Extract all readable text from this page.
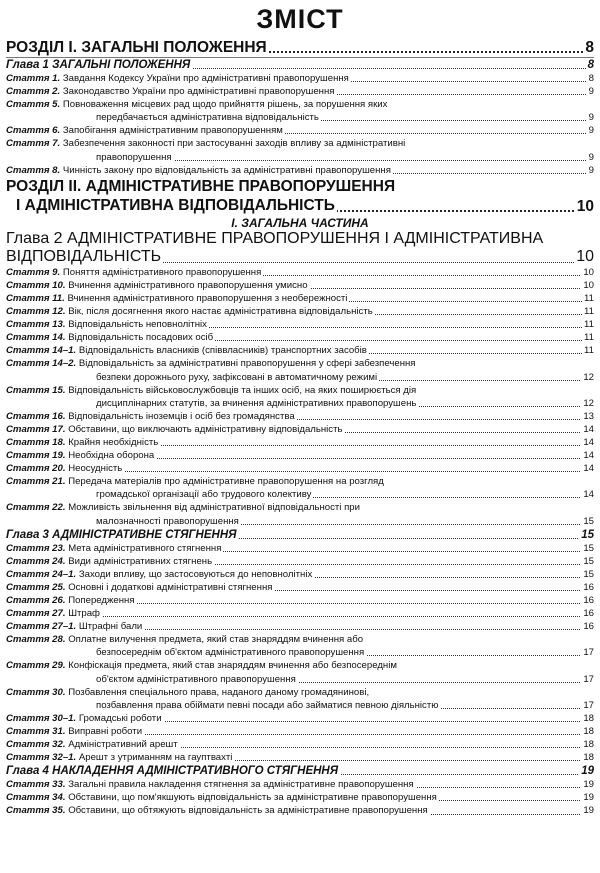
ЗМІСТ
РОЗДІЛ І. ЗАГАЛЬНІ ПОЛОЖЕННЯ	8
Глава 1 ЗАГАЛЬНІ ПОЛОЖЕННЯ	8
Стаття 1. Завдання Кодексу України про адміністративні правопорушення	8
Стаття 2. Законодавство України про адміністративні правопорушення	9
Стаття 5. Повноваження місцевих рад щодо прийняття рішень, за порушення яких
передбачається адміністративна відповідальність	9
Стаття 6. Запобігання адміністративним правопорушенням	9
Стаття 7. Забезпечення законності при застосуванні заходів впливу за адміністративні
правопорушення	9
Стаття 8. Чинність закону про відповідальність за адміністративні правопорушення	9
РОЗДІЛ ІІ. АДМІНІСТРАТИВНЕ ПРАВОПОРУШЕННЯ
І АДМІНІСТРАТИВНА ВІДПОВІДАЛЬНІСТЬ	10
І. ЗАГАЛЬНА ЧАСТИНА
Глава 2 АДМІНІСТРАТИВНЕ ПРАВОПОРУШЕННЯ І АДМІНІСТРАТИВНА
ВІДПОВІДАЛЬНІСТЬ	10
Стаття 9. Поняття адміністративного правопорушення	10
Стаття 10. Вчинення адміністративного правопорушення умисно	10
Стаття 11. Вчинення адміністративного правопорушення з необережності	11
Стаття 12. Вік, після досягнення якого настає адміністративна відповідальність	11
Стаття 13. Відповідальність неповнолітніх	11
Стаття 14. Відповідальність посадових осіб	11
Стаття 14–1. Відповідальність власників (співвласників) транспортних засобів	11
Стаття 14–2. Відповідальність за адміністративні правопорушення у сфері забезпечення
безпеки дорожнього руху, зафіксовані в автоматичному режимі	12
Стаття 15. Відповідальність військовослужбовців та інших осіб, на яких поширюється дія
дисциплінарних статутів, за вчинення адміністративних правопорушень	12
Стаття 16. Відповідальність іноземців і осіб без громадянства	13
Стаття 17. Обставини, що виключають адміністративну відповідальність	14
Стаття 18. Крайня необхідність	14
Стаття 19. Необхідна оборона	14
Стаття 20. Неосудність	14
Стаття 21. Передача матеріалів про адміністративне правопорушення на розгляд
громадської організації або трудового колективу	14
Стаття 22. Можливість звільнення від адміністративної відповідальності при
малозначності правопорушення	15
Глава 3 АДМІНІСТРАТИВНЕ СТЯГНЕННЯ	15
Стаття 23. Мета адміністративного стягнення	15
Стаття 24. Види адміністративних стягнень	15
Стаття 24–1. Заходи впливу, що застосовуються до неповнолітніх	15
Стаття 25. Основні і додаткові адміністративні стягнення	16
Стаття 26. Попередження	16
Стаття 27. Штраф	16
Стаття 27–1. Штрафні бали	16
Стаття 28. Оплатне вилучення предмета, який став знаряддям вчинення або
безпосереднім об'єктом адміністративного правопорушення	17
Стаття 29. Конфіскація предмета, який став знаряддям вчинення або безпосереднім
об'єктом адміністративного правопорушення	17
Стаття 30. Позбавлення спеціального права, наданого даному громадянинові,
позбавлення права обіймати певні посади або займатися певною діяльністю	17
Стаття 30–1. Громадські роботи	18
Стаття 31. Виправні роботи	18
Стаття 32. Адміністративний арешт	18
Стаття 32–1. Арешт з утриманням на гауптвахті	18
Глава 4 НАКЛАДЕННЯ АДМІНІСТРАТИВНОГО СТЯГНЕННЯ	19
Стаття 33. Загальні правила накладення стягнення за адміністративне правопорушення	19
Стаття 34. Обставини, що пом'якшують відповідальність за адміністративне правопорушення	19
Стаття 35. Обставини, що обтяжують відповідальність за адміністративне правопорушення	19
